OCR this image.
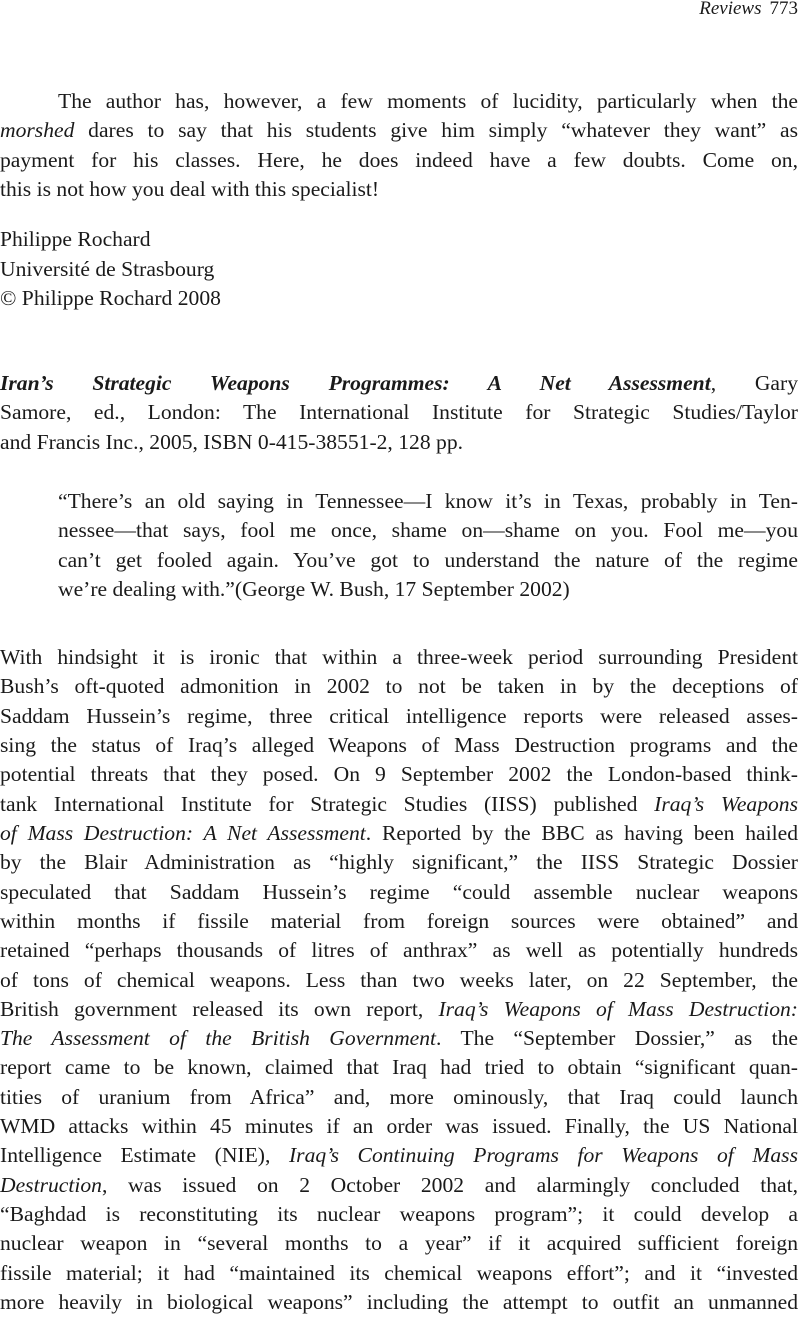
Reviews 773
The author has, however, a few moments of lucidity, particularly when the
morshed dares to say that his students give him simply “whatever they want” as
payment for his classes. Here, he does indeed have a few doubts. Come on,
this is not how you deal with this specialist!
Philippe Rochard
Université de Strasbourg
© Philippe Rochard 2008
Iran’s Strategic Weapons Programmes: A Net Assessment, Gary
Samore, ed., London: The International Institute for Strategic Studies/Taylor
and Francis Inc., 2005, ISBN 0-415-38551-2, 128 pp.
“There’s an old saying in Tennessee—I know it’s in Texas, probably in Ten-
nessee—that says, fool me once, shame on—shame on you. Fool me—you
can’t get fooled again. You’ve got to understand the nature of the regime
we’re dealing with.”(George W. Bush, 17 September 2002)
With hindsight it is ironic that within a three-week period surrounding President
Bush’s oft-quoted admonition in 2002 to not be taken in by the deceptions of
Saddam Hussein’s regime, three critical intelligence reports were released asses-
sing the status of Iraq’s alleged Weapons of Mass Destruction programs and the
potential threats that they posed. On 9 September 2002 the London-based think-
tank International Institute for Strategic Studies (IISS) published Iraq’s Weapons
of Mass Destruction: A Net Assessment. Reported by the BBC as having been hailed
by the Blair Administration as “highly significant,” the IISS Strategic Dossier
speculated that Saddam Hussein’s regime “could assemble nuclear weapons
within months if fissile material from foreign sources were obtained” and
retained “perhaps thousands of litres of anthrax” as well as potentially hundreds
of tons of chemical weapons. Less than two weeks later, on 22 September, the
British government released its own report, Iraq’s Weapons of Mass Destruction:
The Assessment of the British Government. The “September Dossier,” as the
report came to be known, claimed that Iraq had tried to obtain “significant quan-
tities of uranium from Africa” and, more ominously, that Iraq could launch
WMD attacks within 45 minutes if an order was issued. Finally, the US National
Intelligence Estimate (NIE), Iraq’s Continuing Programs for Weapons of Mass
Destruction, was issued on 2 October 2002 and alarmingly concluded that,
“Baghdad is reconstituting its nuclear weapons program”; it could develop a
nuclear weapon in “several months to a year” if it acquired sufficient foreign
fissile material; it had “maintained its chemical weapons effort”; and it “invested
more heavily in biological weapons” including the attempt to outfit an unmanned
